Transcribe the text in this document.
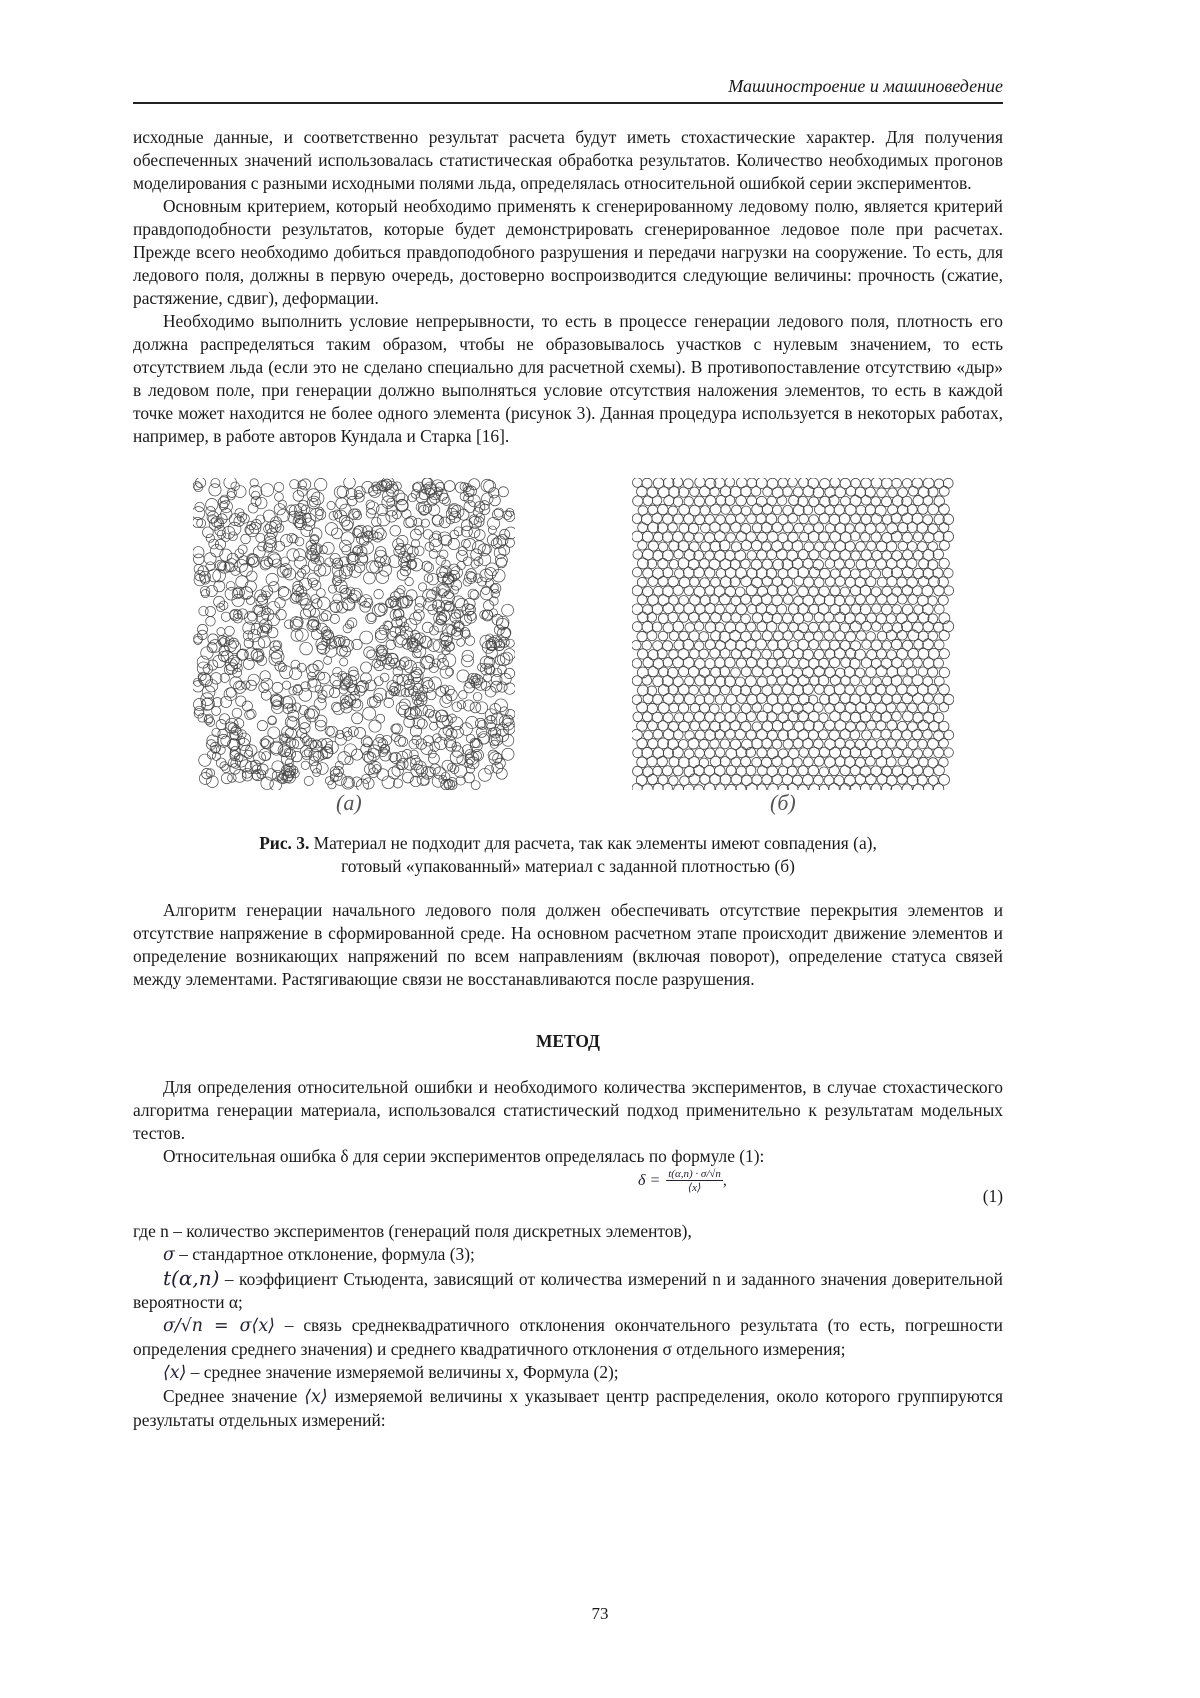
Машиностроение и машиноведение

исходные данные, и соответственно результат расчета будут иметь стохастические характер. Для получения обеспеченных значений использовалась статистическая обработка результатов. Количество необходимых прогонов моделирования с разными исходными полями льда, определялась относительной ошибкой серии экспериментов.

Основным критерием, который необходимо применять к сгенерированному ледовому полю, является критерий правдоподобности результатов, которые будет демонстрировать сгенерированное ледовое поле при расчетах. Прежде всего необходимо добиться правдоподобного разрушения и передачи нагрузки на сооружение. То есть, для ледового поля, должны в первую очередь, достоверно воспроизводится следующие величины: прочность (сжатие, растяжение, сдвиг), деформации.

Необходимо выполнить условие непрерывности, то есть в процессе генерации ледового поля, плотность его должна распределяться таким образом, чтобы не образовывалось участков с нулевым значением, то есть отсутствием льда (если это не сделано специально для расчетной схемы). В противопоставление отсутствию «дыр» в ледовом поле, при генерации должно выполняться условие отсутствия наложения элементов, то есть в каждой точке может находится не более одного элемента (рисунок 3). Данная процедура используется в некоторых работах, например, в работе авторов Кундала и Старка [16].

(а)	(б)
Рис. 3. Материал не подходит для расчета, так как элементы имеют совпадения (а),
готовый «упакованный» материал с заданной плотностью (б)

Алгоритм генерации начального ледового поля должен обеспечивать отсутствие перекрытия элементов и отсутствие напряжение в сформированной среде. На основном расчетном этапе происходит движение элементов и определение возникающих напряжений по всем направлениям (включая поворот), определение статуса связей между элементами. Растягивающие связи не восстанавливаются после разрушения.

МЕТОД

Для определения относительной ошибки и необходимого количества экспериментов, в случае стохастического алгоритма генерации материала, использовался статистический подход применительно к результатам модельных тестов.

Относительная ошибка δ для серии экспериментов определялась по формуле (1):

δ = t(α,n) · σ/√n
⟨x⟩ ,
(1)

где n – количество экспериментов (генераций поля дискретных элементов),

σ – стандартное отклонение, формула (3);

t(α,n) – коэффициент Стьюдента, зависящий от количества измерений n и заданного значения доверительной вероятности α;

σ/√n = σ⟨x⟩ – связь среднеквадратичного отклонения окончательного результата (то есть, погрешности определения среднего значения) и среднего квадратичного отклонения σ отдельного измерения;

⟨x⟩ – среднее значение измеряемой величины x, Формула (2);

Среднее значение ⟨x⟩ измеряемой величины x указывает центр распределения, около которого группируются результаты отдельных измерений:

73
